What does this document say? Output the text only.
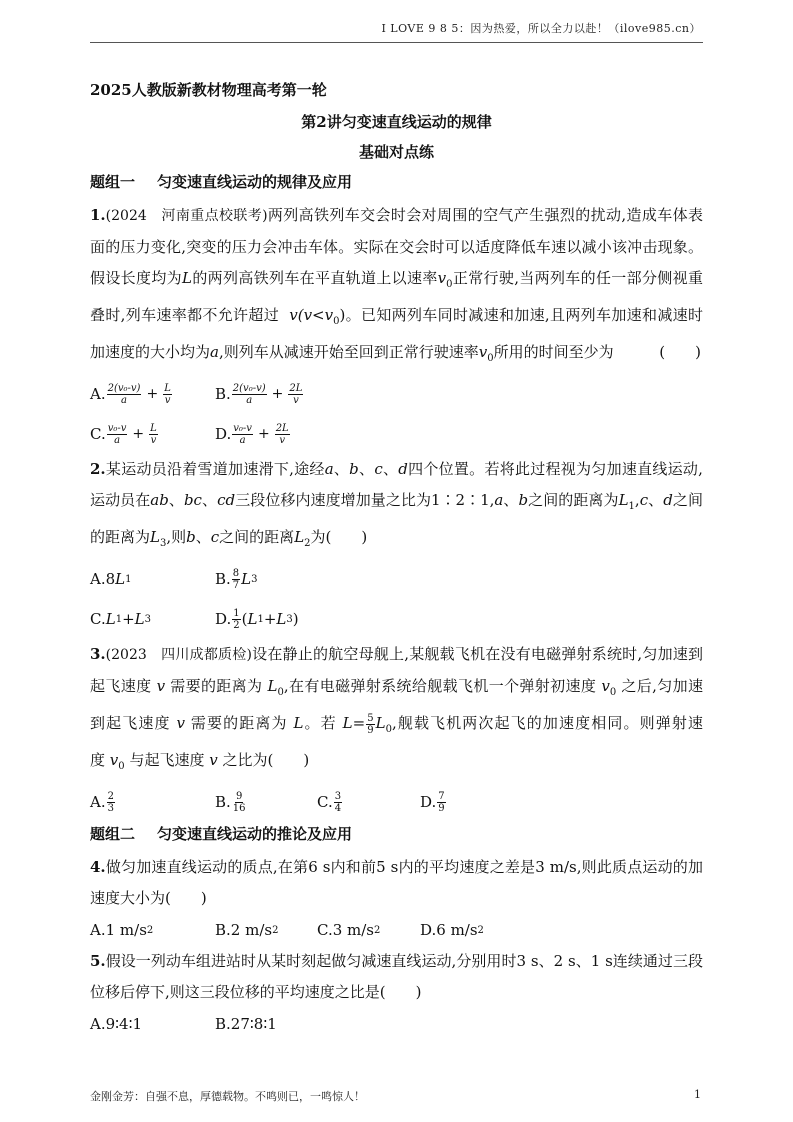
I LOVE 9 8 5：因为热爱，所以全力以赴！（ilove985.cn）
2025人教版新教材物理高考第一轮
第2讲匀变速直线运动的规律
基础对点练
题组一 匀变速直线运动的规律及应用
1.(2024　河南重点校联考)两列高铁列车交会时会对周围的空气产生强烈的扰动,造成车体表面的压力变化,突变的压力会冲击车体。实际在交会时可以适度降低车速以减小该冲击现象。假设长度均为L的两列高铁列车在平直轨道上以速率$v_0$正常行驶,当两列车的任一部分侧视重叠时,列车速率都不允许超过 $v(v<v_0)$。已知两列车同时减速和加速,且两列车加速和减速时加速度的大小均为a,则列车从减速开始至回到正常行驶速率$v_0$所用的时间至少为	(　　)
A. $\frac{\text{2(v₀-v)}}{a} + \frac{L}{v}$	B. $\frac{\text{2(v₀-v)}}{a} + \frac{2L}{v}$
C. $\frac{\text{v₀-v}}{a} + \frac{L}{v}$	D. $\frac{\text{v₀-v}}{a} + \frac{2L}{v}$
2.某运动员沿着雪道加速滑下,途经a、b、c、d四个位置。若将此过程视为匀加速直线运动,运动员在ab、bc、cd三段位移内速度增加量之比为1∶2∶1,a、b之间的距离为$L_1,c$、d之间的距离为$L_3$,则b、c之间的距离$L_2$为(　　)
A.8 L 1	B. $\frac{8}{7}$ L 3
C. L 1 + L 3	D. $\frac{1}{2}$ ( L 1 + L 3 )
3.(2023　四川成都质检)设在静止的航空母舰上,某舰载飞机在没有电磁弹射系统时,匀加速到起飞速度 v 需要的距离为 $L_0$,在有电磁弹射系统给舰载飞机一个弹射初速度 $v_0$ 之后,匀加速到起飞速度 v 需要的距离为 L。若 $L= \frac{5}{9} L_0$,舰载飞机两次起飞的加速度相同。则弹射速度 $v_0$ 与起飞速度 v 之比为(　　)
A. $\frac{2}{3}$	B. $\frac{9}{16}$	C. $\frac{3}{4}$	D. $\frac{7}{9}$
题组二 匀变速直线运动的推论及应用
4.做匀加速直线运动的质点,在第6 s内和前5 s内的平均速度之差是3 m/s,则此质点运动的加速度大小为(　　)
A.1 m/s 2	B.2 m/s 2	C.3 m/s 2	D.6 m/s 2
5.假设一列动车组进站时从某时刻起做匀减速直线运动,分别用时3 s、2 s、1 s连续通过三段位移后停下,则这三段位移的平均速度之比是(　　)
A.9∶4∶1	B.27∶8∶1
金刚金芳：自强不息，厚德载物。不鸣则已，一鸣惊人！	1
